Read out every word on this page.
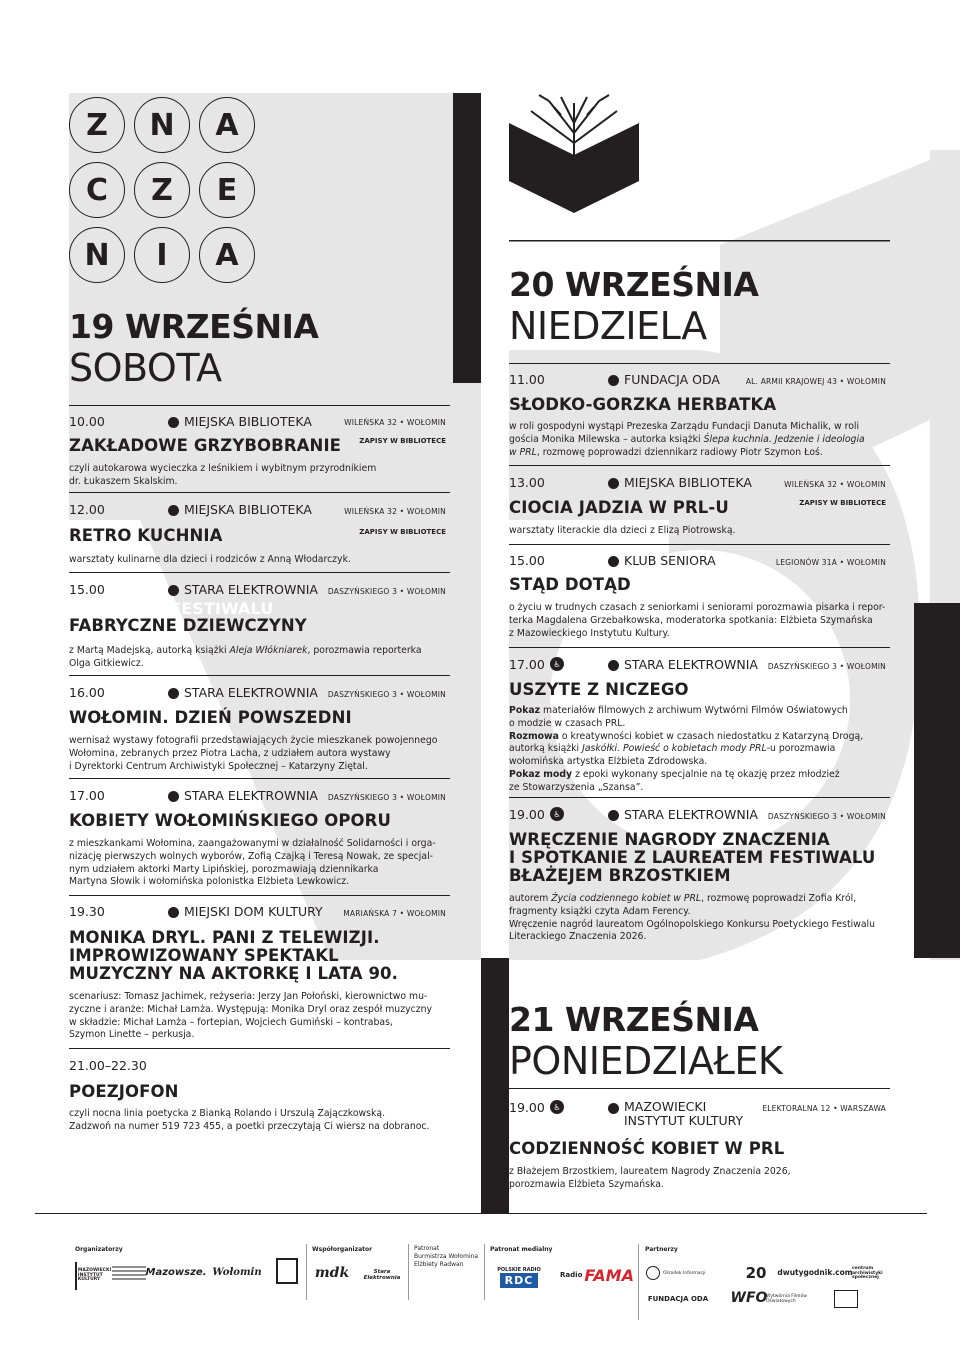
Z	N	A
C	Z	E
N	I	A
19 WRZEŚNIA
SOBOTA
20 WRZEŚNIA
NIEDZIELA
21 WRZEŚNIA
PONIEDZIAŁEK
10.00	MIEJSKA BIBLIOTEKA	WILEŃSKA 32 • WOŁOMIN
ZAPISY W BIBLIOTECE
ZAKŁADOWE GRZYBOBRANIE
czyli autokarowa wycieczka z leśnikiem i wybitnym przyrodnikiem
dr. Łukaszem Skalskim.
12.00	MIEJSKA BIBLIOTEKA	WILEŃSKA 32 • WOŁOMIN
ZAPISY W BIBLIOTECE
RETRO KUCHNIA
warsztaty kulinarne dla dzieci i rodziców z Anną Włodarczyk.
15.00	STARA ELEKTROWNIA	DASZYŃSKIEGO 3 • WOŁOMIN
OTWARCIE FESTIWALU
FABRYCZNE DZIEWCZYNY
z Martą Madejską, autorką książki Aleja Włókniarek, porozmawia reporterka
Olga Gitkiewicz.
16.00	STARA ELEKTROWNIA	DASZYŃSKIEGO 3 • WOŁOMIN
WOŁOMIN. DZIEŃ POWSZEDNI
wernisaż wystawy fotografii przedstawiających życie mieszkanek powojennego
Wołomina, zebranych przez Piotra Lacha, z udziałem autora wystawy
i Dyrektorki Centrum Archiwistyki Społecznej – Katarzyny Ziętal.
17.00	STARA ELEKTROWNIA	DASZYŃSKIEGO 3 • WOŁOMIN
KOBIETY WOŁOMIŃSKIEGO OPORU
z mieszkankami Wołomina, zaangażowanymi w działalność Solidarności i orga-
nizację pierwszych wolnych wyborów, Zofią Czajką i Teresą Nowak, ze specjal-
nym udziałem aktorki Marty Lipińskiej, porozmawiają dziennikarka
Martyna Słowik i wołomińska polonistka Elżbieta Lewkowicz.
19.30	MIEJSKI DOM KULTURY	MARIAŃSKA 7 • WOŁOMIN
MONIKA DRYL. PANI Z TELEWIZJI.
IMPROWIZOWANY SPEKTAKL
MUZYCZNY NA AKTORKĘ I LATA 90.
scenariusz: Tomasz Jachimek, reżyseria: Jerzy Jan Połoński, kierownictwo mu-
zyczne i aranże: Michał Lamża. Występują: Monika Dryl oraz zespół muzyczny
w składzie: Michał Lamża – fortepian, Wojciech Gumiński – kontrabas,
Szymon Linette – perkusja.
21.00–22.30
POEZJOFON
czyli nocna linia poetycka z Bianką Rolando i Urszulą Zajączkowską.
Zadzwoń na numer 519 723 455, a poetki przeczytają Ci wiersz na dobranoc.
11.00	FUNDACJA ODA	AL. ARMII KRAJOWEJ 43 • WOŁOMIN
SŁODKO-GORZKA HERBATKA
w roli gospodyni wystąpi Prezeska Zarządu Fundacji Danuta Michalik, w roli
gościa Monika Milewska – autorka książki Ślepa kuchnia. Jedzenie i ideologia
w PRL, rozmowę poprowadzi dziennikarz radiowy Piotr Szymon Łoś.
13.00	MIEJSKA BIBLIOTEKA	WILEŃSKA 32 • WOŁOMIN
ZAPISY W BIBLIOTECE
CIOCIA JADZIA W PRL-U
warsztaty literackie dla dzieci z Elizą Piotrowską.
15.00	KLUB SENIORA	LEGIONÓW 31A • WOŁOMIN
STĄD DOTĄD
o życiu w trudnych czasach z seniorkami i seniorami porozmawia pisarka i repor-
terka Magdalena Grzebałkowska, moderatorka spotkania: Elżbieta Szymańska
z Mazowieckiego Instytutu Kultury.
17.00	♿	STARA ELEKTROWNIA	DASZYŃSKIEGO 3 • WOŁOMIN
USZYTE Z NICZEGO
Pokaz materiałów filmowych z archiwum Wytwórni Filmów Oświatowych
o modzie w czasach PRL.
Rozmowa o kreatywności kobiet w czasach niedostatku z Katarzyną Drogą,
autorką książki Jaskółki. Powieść o kobietach mody PRL-u porozmawia
wołomińska artystka Elżbieta Zdrodowska.
Pokaz mody z epoki wykonany specjalnie na tę okazję przez młodzież
ze Stowarzyszenia „Szansa”.
19.00	♿	STARA ELEKTROWNIA	DASZYŃSKIEGO 3 • WOŁOMIN
WRĘCZENIE NAGRODY ZNACZENIA
I SPOTKANIE Z LAUREATEM FESTIWALU
BŁAŻEJEM BRZOSTKIEM
autorem Życia codziennego kobiet w PRL, rozmowę poprowadzi Zofia Król,
fragmenty książki czyta Adam Ferency.
Wręczenie nagród laureatom Ogólnopolskiego Konkursu Poetyckiego Festiwalu
Literackiego Znaczenia 2026.
19.00	♿	MAZOWIECKI
INSTYTUT KULTURY
ELEKTORALNA 12 • WARSZAWA
CODZIENNOŚĆ KOBIET W PRL
z Błażejem Brzostkiem, laureatem Nagrody Znaczenia 2026,
porozmawia Elżbieta Szymańska.
Organizatorzy	Współorganizator	Patronat
Burmistrza Wołomina
Elżbiety Radwan
Patronat medialny	Partnerzy
MAZOWIECKI INSTYTUT KULTURY
Mazowsze. Wołomin	mdk	Stara Elektrownia
POLSKIE RADIO
RDC	Radio FAMA	Ośrodek Informacji	20	dwutygodnik.com centrum archiwistyki społecznej
FUNDACJA ODA WFO
Wytwórnia Filmów Oświatowych
